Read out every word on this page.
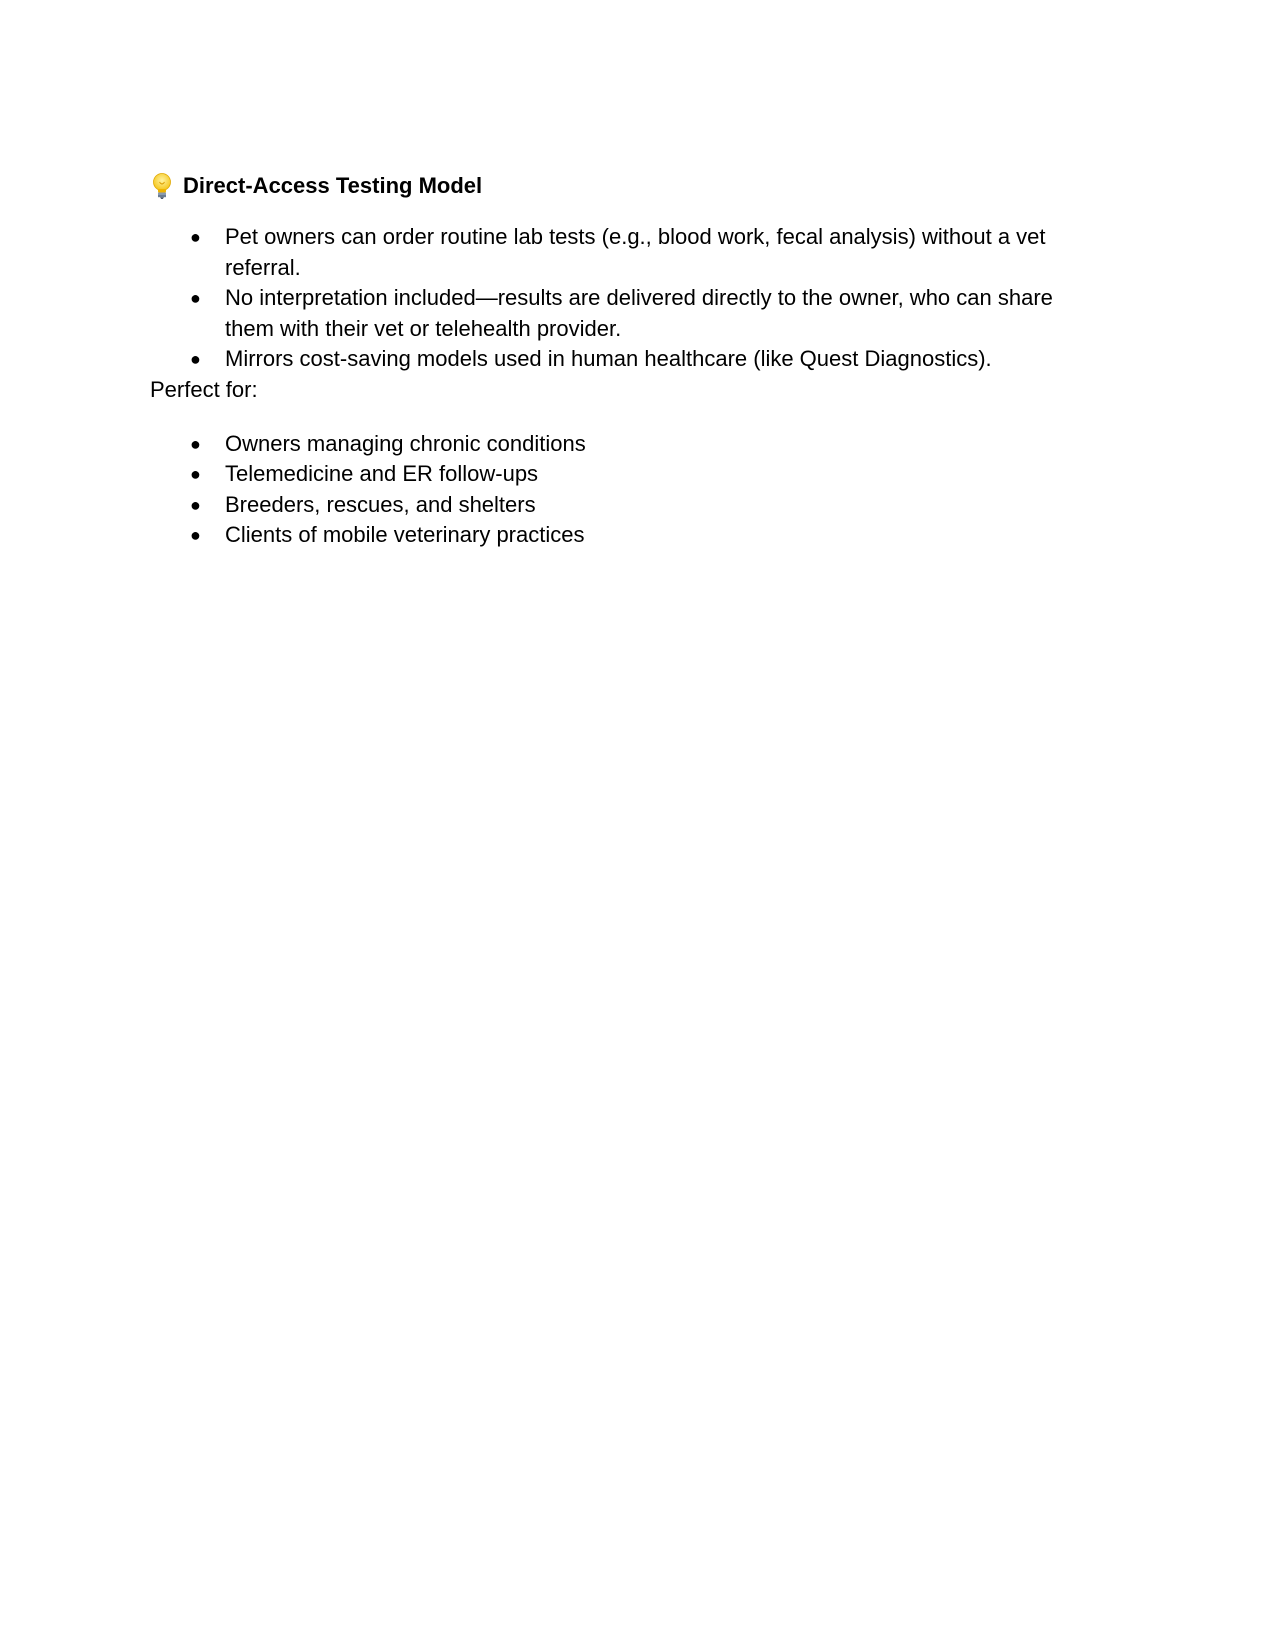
Direct-Access Testing Model
● Pet owners can order routine lab tests (e.g., blood work, fecal analysis) without a vet referral.
● No interpretation included—results are delivered directly to the owner, who can share them with their vet or telehealth provider.
● Mirrors cost-saving models used in human healthcare (like Quest Diagnostics).

Perfect for:

● Owners managing chronic conditions
● Telemedicine and ER follow-ups
● Breeders, rescues, and shelters
● Clients of mobile veterinary practices
